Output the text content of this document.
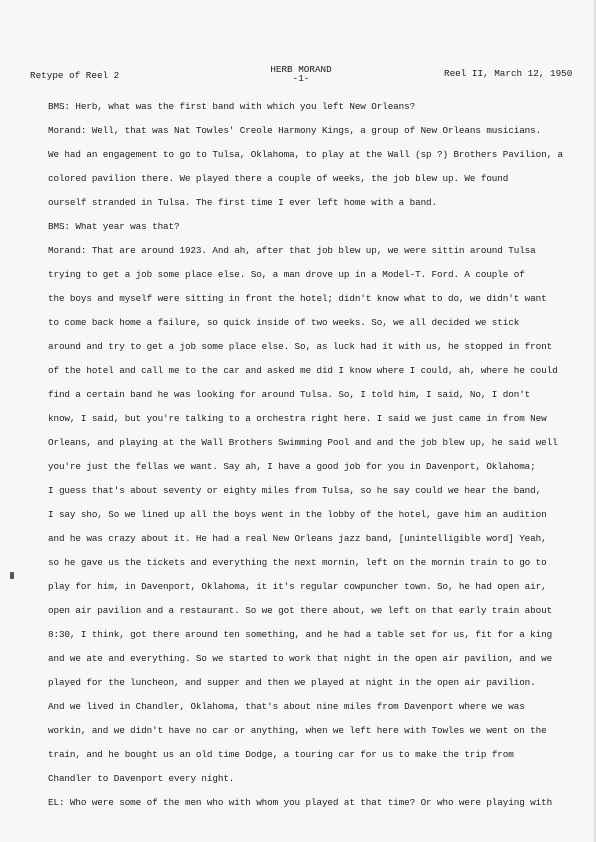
Retype of Reel 2
HERB MORAND
-1-	Reel II, March 12, 1950
BMS: Herb, what was the first band with which you left New Orleans?
Morand: Well, that was Nat Towles' Creole Harmony Kings, a group of New Orleans musicians.
We had an engagement to go to Tulsa, Oklahoma, to play at the Wall (sp ?) Brothers Pavilion, a
colored pavilion there. We played there a couple of weeks, the job blew up. We found
ourself stranded in Tulsa. The first time I ever left home with a band.
BMS: What year was that?
Morand: That are around 1923. And ah, after that job blew up, we were sittin around Tulsa
trying to get a job some place else. So, a man drove up in a Model-T. Ford. A couple of
the boys and myself were sitting in front the hotel; didn't know what to do, we didn't want
to come back home a failure, so quick inside of two weeks. So, we all decided we stick
around and try to get a job some place else. So, as luck had it with us, he stopped in front
of the hotel and call me to the car and asked me did I know where I could, ah, where he could
find a certain band he was looking for around Tulsa. So, I told him, I said, No, I don't
know, I said, but you're talking to a orchestra right here. I said we just came in from New
Orleans, and playing at the Wall Brothers Swimming Pool and and the job blew up, he said well
you're just the fellas we want. Say ah, I have a good job for you in Davenport, Oklahoma;
I guess that's about seventy or eighty miles from Tulsa, so he say could we hear the band,
I say sho, So we lined up all the boys went in the lobby of the hotel, gave him an audition
and he was crazy about it. He had a real New Orleans jazz band, [unintelligible word] Yeah,
so he gave us the tickets and everything the next mornin, left on the mornin train to go to
play for him, in Davenport, Oklahoma, it it's regular cowpuncher town. So, he had open air,
open air pavilion and a restaurant. So we got there about, we left on that early train about
8:30, I think, got there around ten something, and he had a table set for us, fit for a king
and we ate and everything. So we started to work that night in the open air pavilion, and we
played for the luncheon, and supper and then we played at night in the open air pavilion.
And we lived in Chandler, Oklahoma, that's about nine miles from Davenport where we was
workin, and we didn't have no car or anything, when we left here with Towles we went on the
train, and he bought us an old time Dodge, a touring car for us to make the trip from
Chandler to Davenport every night.
EL: Who were some of the men who with whom you played at that time? Or who were playing with
